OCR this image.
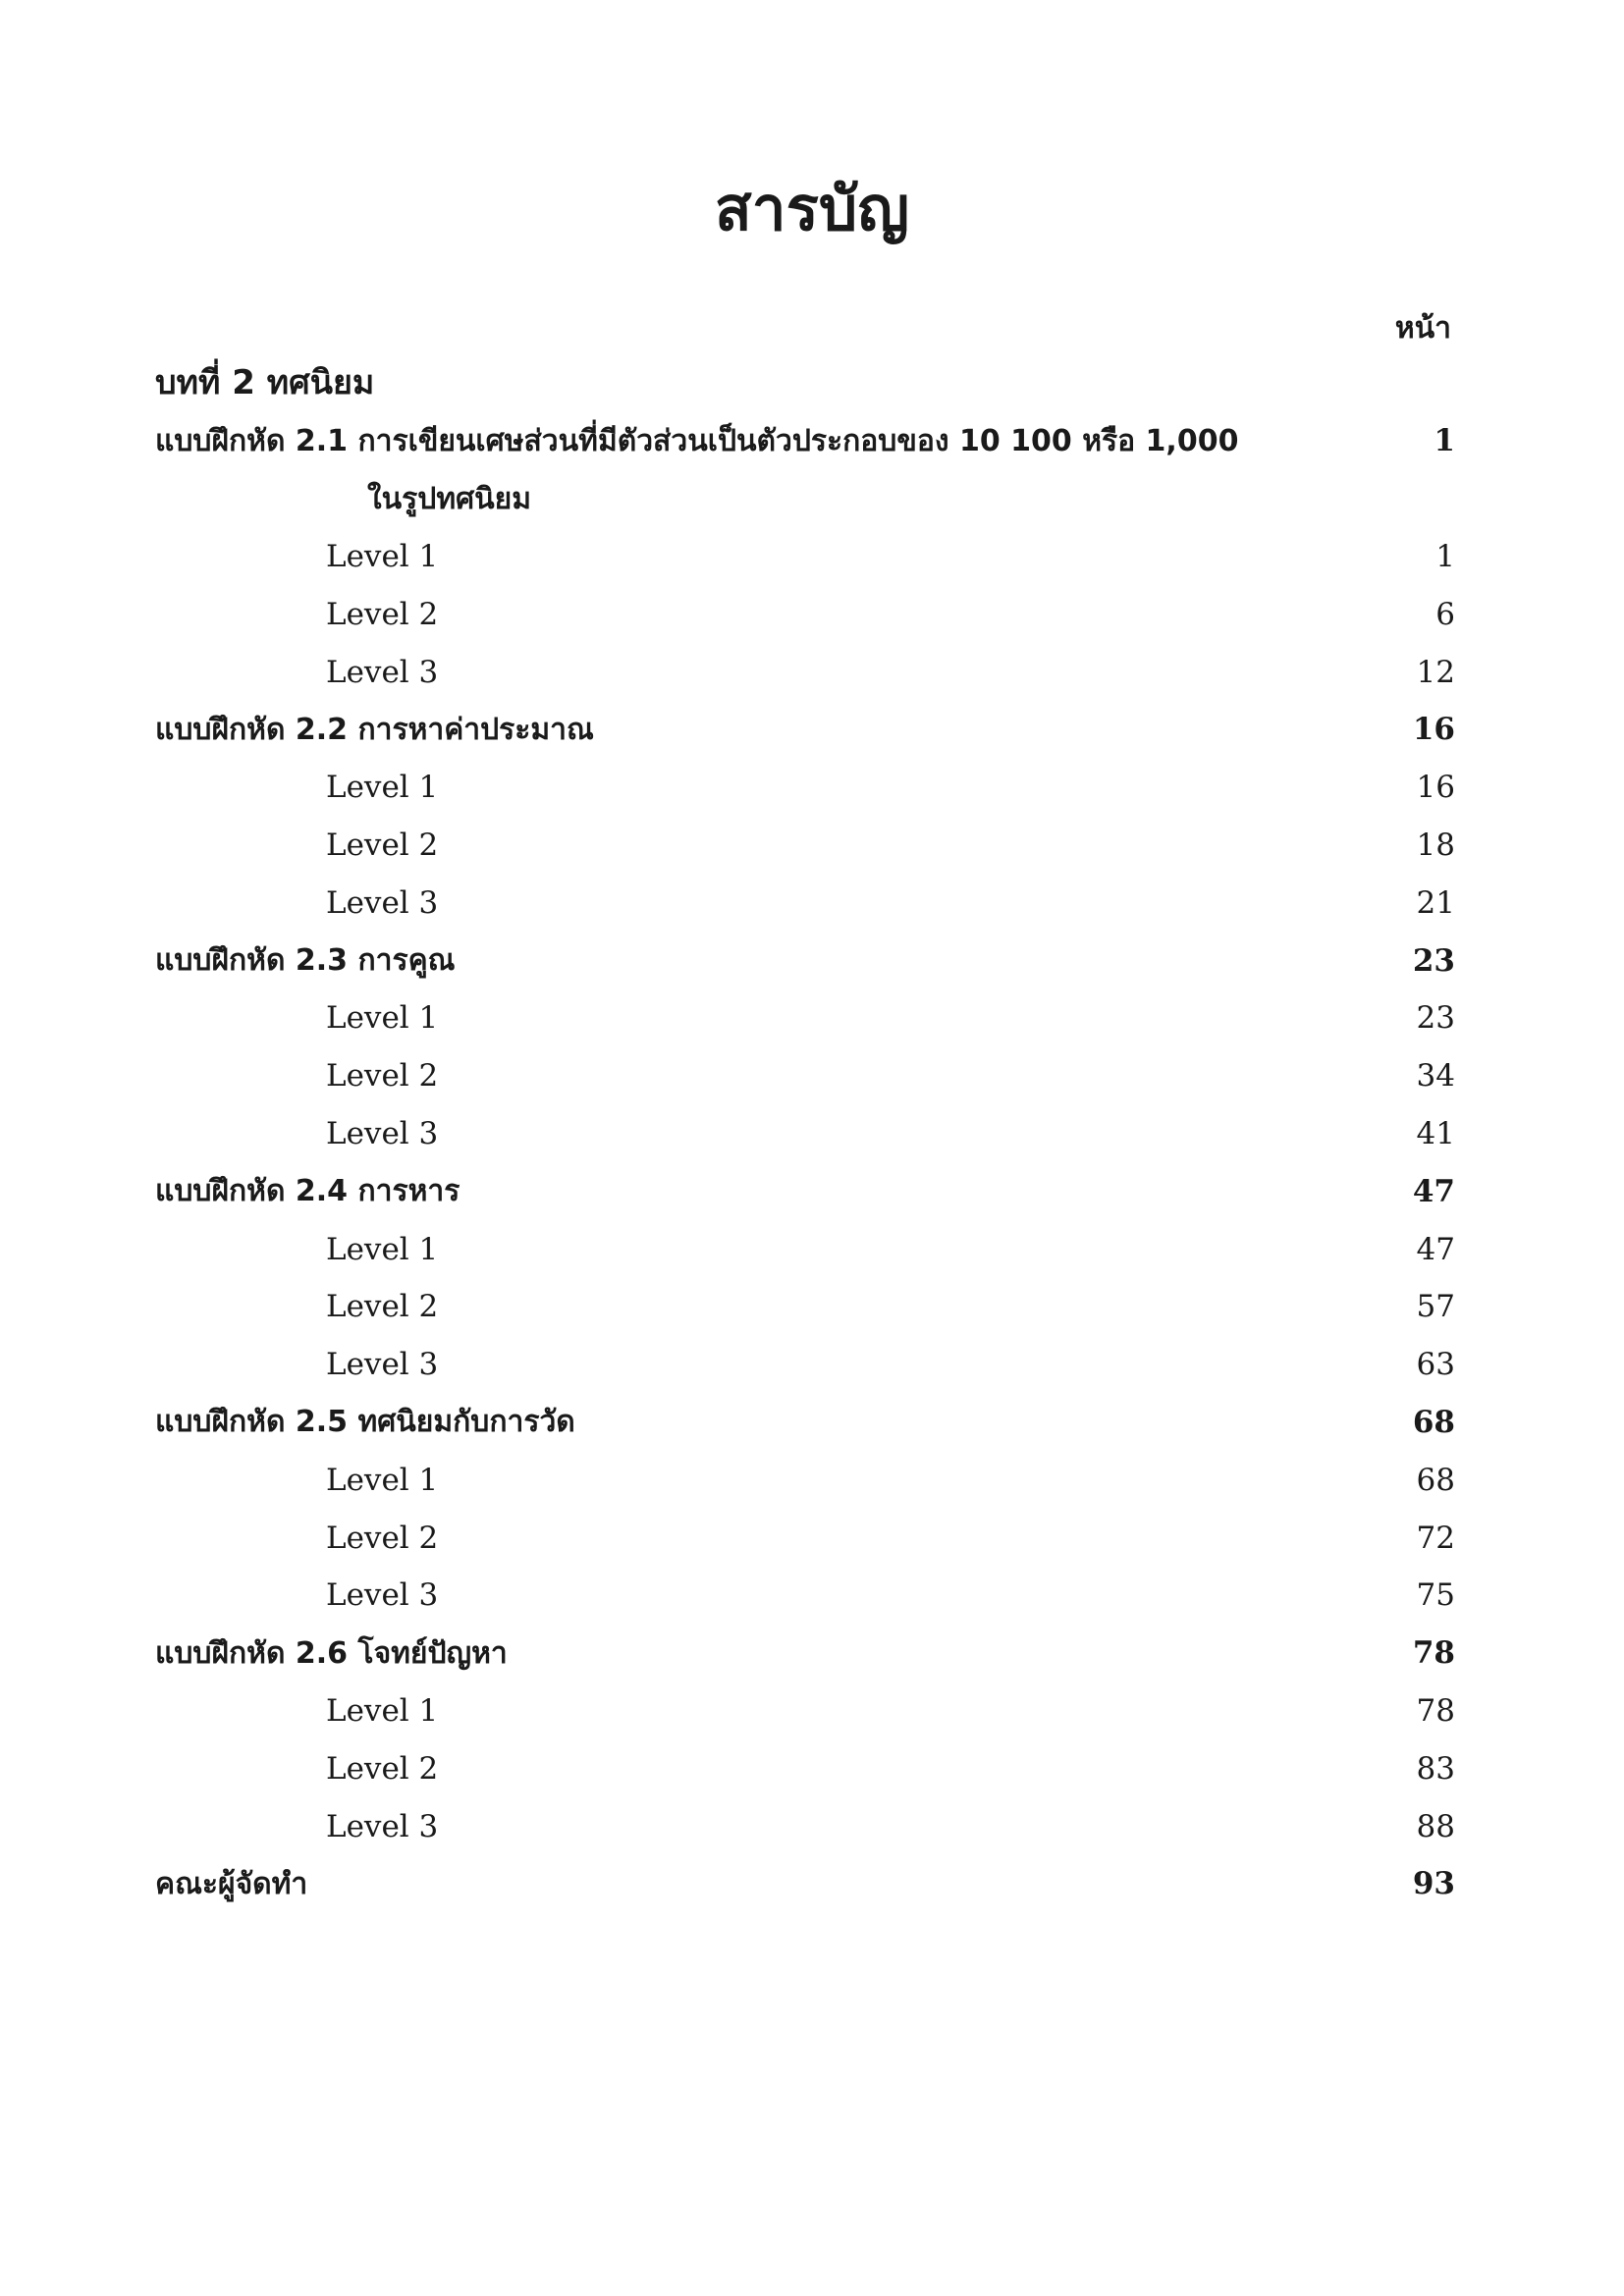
สารบัญ
หน้า
บทที่ 2 ทศนิยม
แบบฝึกหัด 2.1 การเขียนเศษส่วนที่มีตัวส่วนเป็นตัวประกอบของ 10 100 หรือ 1,000	1
ในรูปทศนิยม
Level 1	1
Level 2	6
Level 3	12
แบบฝึกหัด 2.2 การหาค่าประมาณ	16
Level 1	16
Level 2	18
Level 3	21
แบบฝึกหัด 2.3 การคูณ	23
Level 1	23
Level 2	34
Level 3	41
แบบฝึกหัด 2.4 การหาร	47
Level 1	47
Level 2	57
Level 3	63
แบบฝึกหัด 2.5 ทศนิยมกับการวัด	68
Level 1	68
Level 2	72
Level 3	75
แบบฝึกหัด 2.6 โจทย์ปัญหา	78
Level 1	78
Level 2	83
Level 3	88
คณะผู้จัดทำ	93
